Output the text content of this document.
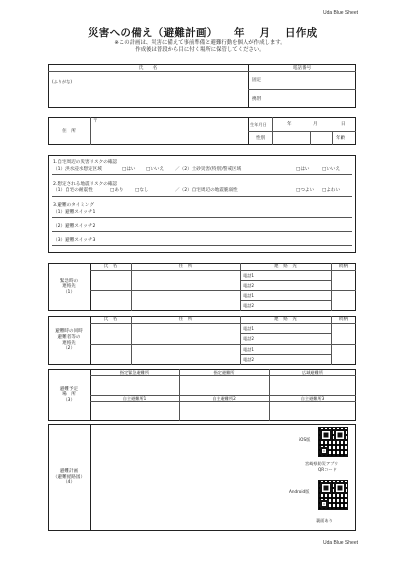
Uda Blue Sheet
災害への備え（避難計画）　　年　 月　 日作成
※この計画は、災害に備えて事前準備と避難行動を個人が作成します。
作成後は普段から目に付く場所に保管してください。
氏　　名	電話番号
(ふりがな)	固定
携帯
住　所
〒
生年月日	年	月	日
性別	年齢
1.自宅周辺の災害リスクの確認
（1）洪水浸水想定区域	□はい □いいえ ／（2）土砂災害(特別)警戒区域	□はい	□いいえ
2.想定される地震リスクの確認
（1）自宅の耐震性	□あり □なし	／（2）自宅周辺の地震脆弱性	□つよい □よわい
3.避難のタイミング
（1）避難スイッチ1
（2）避難スイッチ2
（3）避難スイッチ3
緊急時の
連絡先
（1）
氏　名	住　所	連　絡　先	続柄
電話1
電話2
電話1
電話2
避難時の同時
避難者等の
連絡先
（2）
氏　名	住　所	連　絡　先	続柄
電話1
電話2
電話1
電話2
避難予定
場　所
（3）
指定緊急避難所	指定避難所	広域避難所
自主避難所1	自主避難所2	自主避難所3
避難計画
（避難経路図）
（4）
iOS版
宮崎県防災アプリ
QRコード
Android版
裏面あり
Uda Blue Sheet
